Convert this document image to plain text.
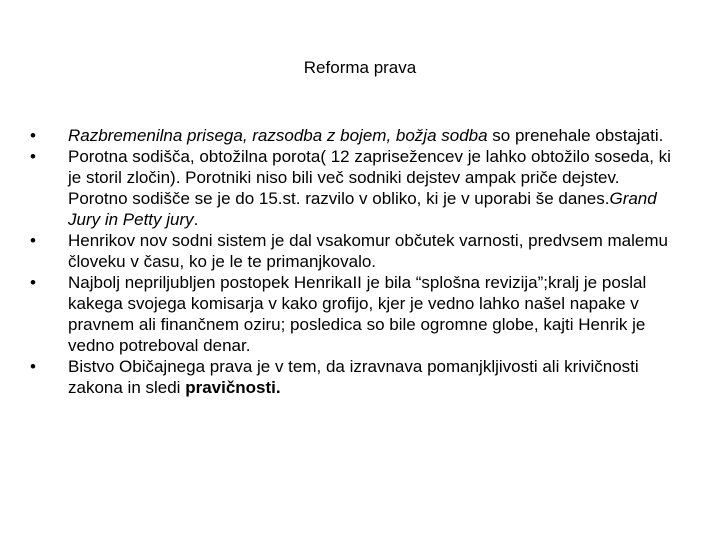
Reforma prava
•	Razbremenilna prisega, razsodba z bojem, božja sodba so prenehale obstajati.
•	Porotna sodišča, obtožilna porota( 12 zaprisežencev je lahko obtožilo soseda, ki je storil zločin). Porotniki niso bili več sodniki dejstev ampak priče dejstev. Porotno sodišče se je do 15.st. razvilo v obliko, ki je v uporabi še danes.Grand Jury in Petty jury.
•	Henrikov nov sodni sistem je dal vsakomur občutek varnosti, predvsem malemu človeku v času, ko je le te primanjkovalo.
•	Najbolj nepriljubljen postopek HenrikaII je bila “splošna revizija”;kralj je poslal kakega svojega komisarja v kako grofijo, kjer je vedno lahko našel napake v pravnem ali finančnem oziru; posledica so bile ogromne globe, kajti Henrik je vedno potreboval denar.
•	Bistvo Običajnega prava je v tem, da izravnava pomanjkljivosti ali krivičnosti zakona in sledi pravičnosti.
